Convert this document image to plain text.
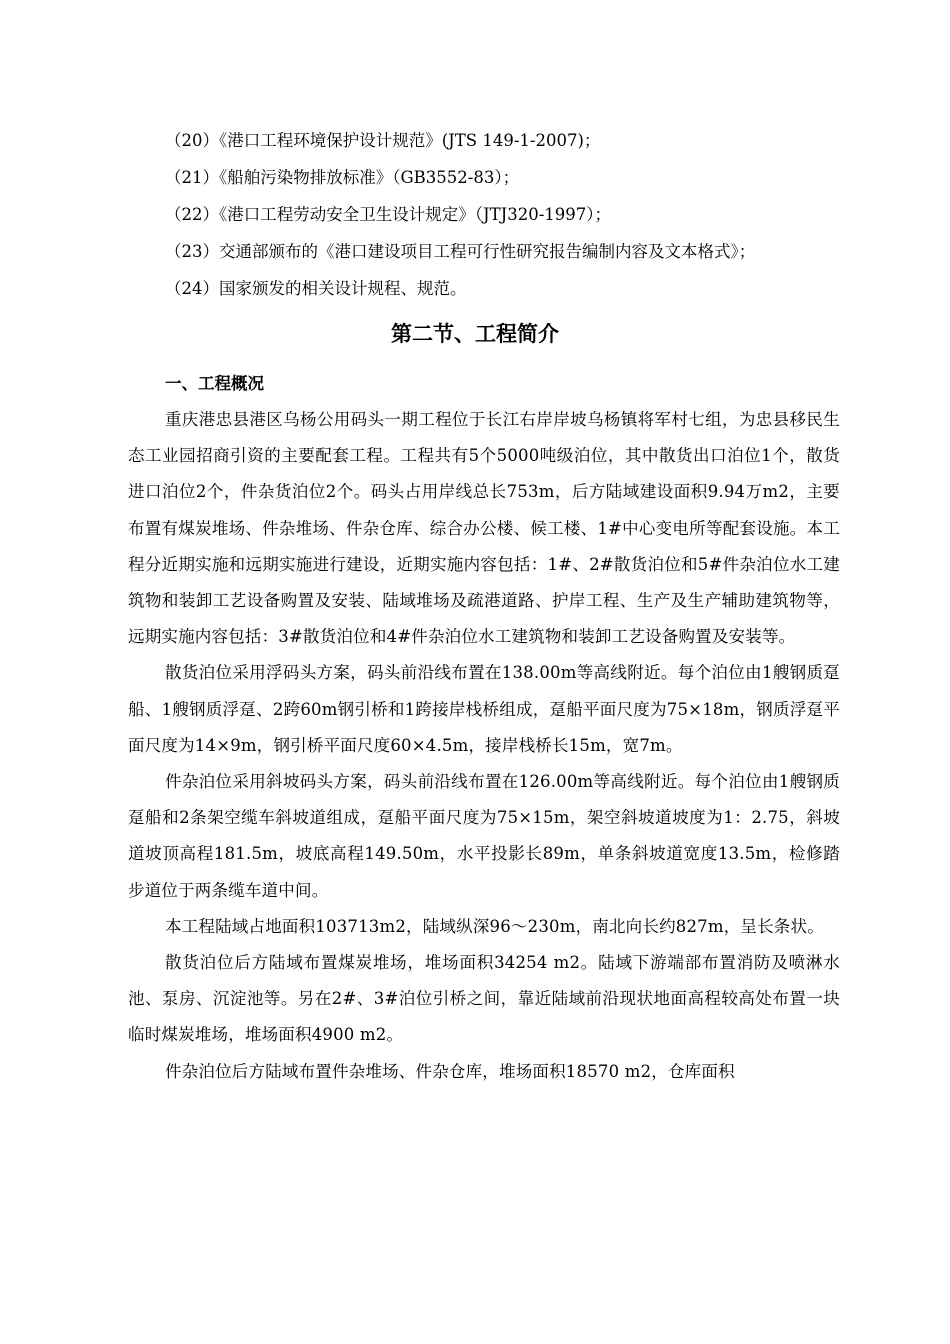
（20）《港口工程环境保护设计规范》(JTS 149-1-2007)；
（21）《船舶污染物排放标准》（GB3552-83）；
（22）《港口工程劳动安全卫生设计规定》（JTJ320-1997）；
（23）交通部颁布的《港口建设项目工程可行性研究报告编制内容及文本格式》；
（24）国家颁发的相关设计规程、规范。
第二节、工程简介
一、工程概况

重庆港忠县港区乌杨公用码头一期工程位于长江右岸岸坡乌杨镇将军村七组，为忠县移民生态工业园招商引资的主要配套工程。工程共有5个5000吨级泊位，其中散货出口泊位1个，散货进口泊位2个，件杂货泊位2个。码头占用岸线总长753m，后方陆域建设面积9.94万m2，主要布置有煤炭堆场、件杂堆场、件杂仓库、综合办公楼、候工楼、1#中心变电所等配套设施。本工程分近期实施和远期实施进行建设，近期实施内容包括：1#、2#散货泊位和5#件杂泊位水工建筑物和装卸工艺设备购置及安装、陆域堆场及疏港道路、护岸工程、生产及生产辅助建筑物等，远期实施内容包括：3#散货泊位和4#件杂泊位水工建筑物和装卸工艺设备购置及安装等。

散货泊位采用浮码头方案，码头前沿线布置在138.00m等高线附近。每个泊位由1艘钢质趸船、1艘钢质浮趸、2跨60m钢引桥和1跨接岸栈桥组成，趸船平面尺度为75×18m，钢质浮趸平面尺度为14×9m，钢引桥平面尺度60×4.5m，接岸栈桥长15m，宽7m。

件杂泊位采用斜坡码头方案，码头前沿线布置在126.00m等高线附近。每个泊位由1艘钢质趸船和2条架空缆车斜坡道组成，趸船平面尺度为75×15m，架空斜坡道坡度为1：2.75，斜坡道坡顶高程181.5m，坡底高程149.50m，水平投影长89m，单条斜坡道宽度13.5m，检修踏步道位于两条缆车道中间。

本工程陆域占地面积103713m2，陆域纵深96～230m，南北向长约827m，呈长条状。

散货泊位后方陆域布置煤炭堆场，堆场面积34254 m2。陆域下游端部布置消防及喷淋水池、泵房、沉淀池等。另在2#、3#泊位引桥之间，靠近陆域前沿现状地面高程较高处布置一块临时煤炭堆场，堆场面积4900 m2。

件杂泊位后方陆域布置件杂堆场、件杂仓库，堆场面积18570 m2，仓库面积
